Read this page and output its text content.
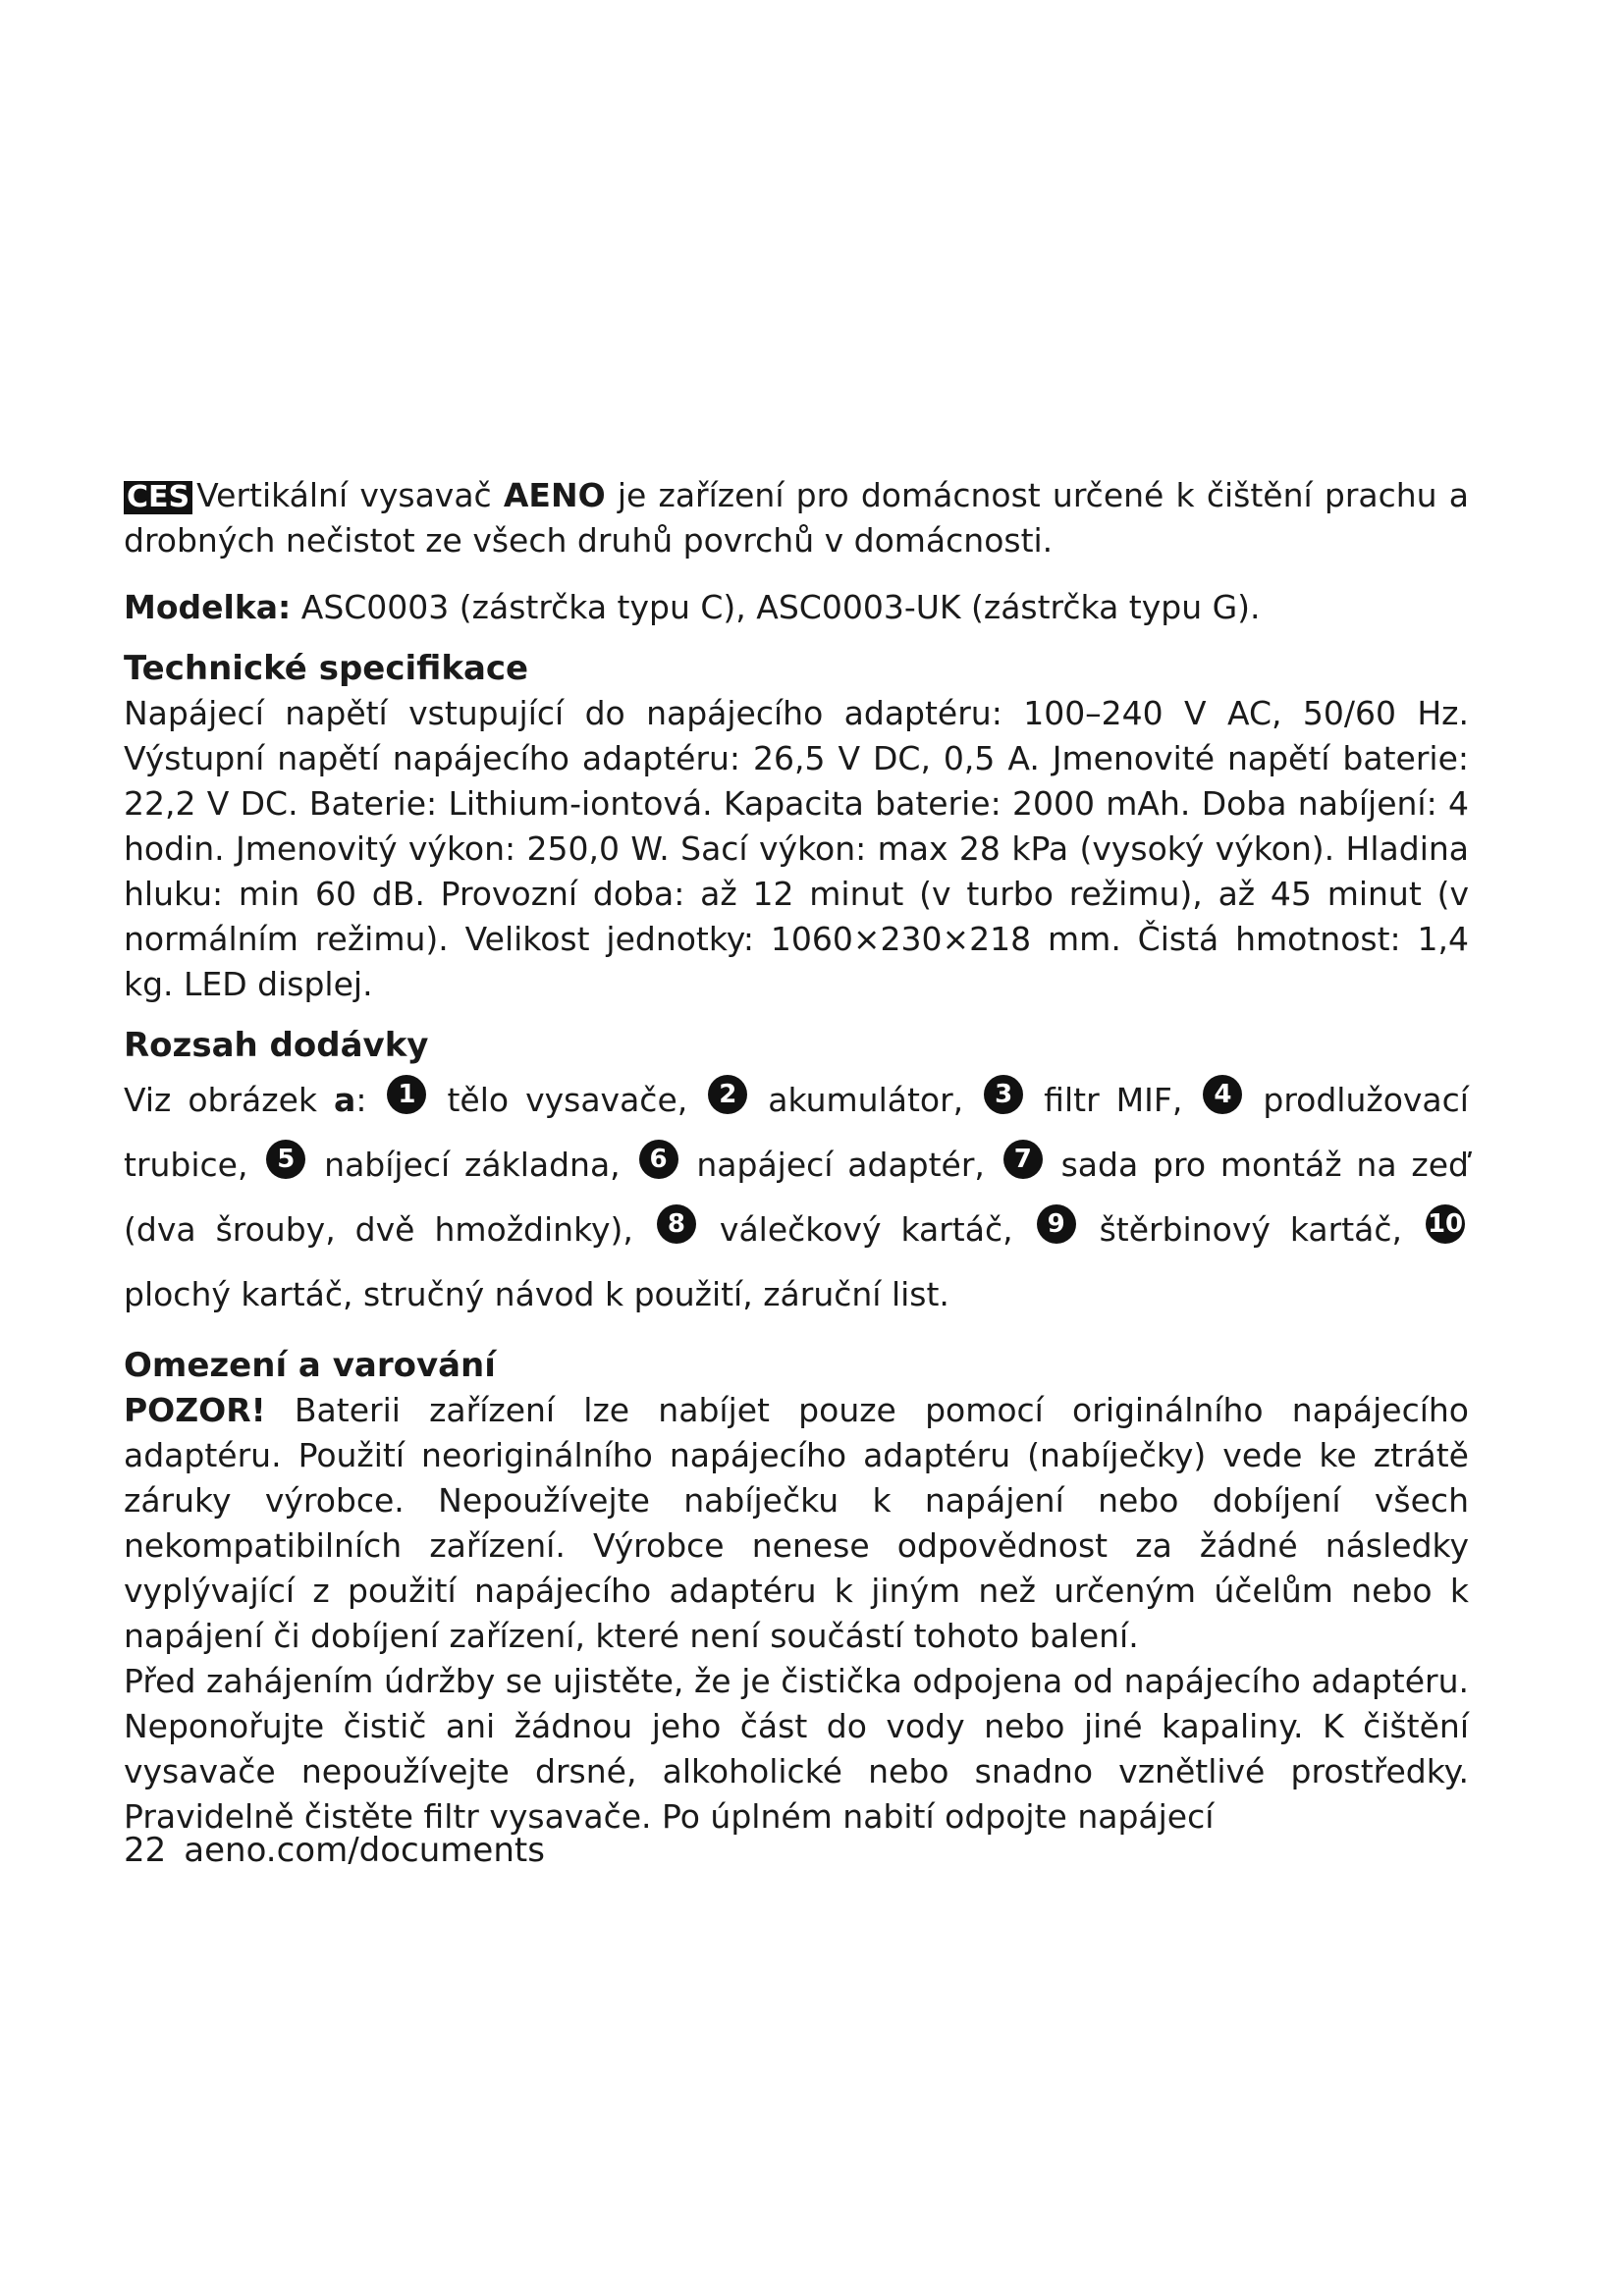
CES Vertikální vysavač AENO je zařízení pro domácnost určené k čištění prachu a drobných nečistot ze všech druhů povrchů v domácnosti.

Modelka: ASC0003 (zástrčka typu C), ASC0003-UK (zástrčka typu G).

Technické specifikace

Napájecí napětí vstupující do napájecího adaptéru: 100–240 V AC, 50/60 Hz. Výstupní napětí napájecího adaptéru: 26,5 V DC, 0,5 A. Jmenovité napětí baterie: 22,2 V DC. Baterie: Lithium-iontová. Kapacita baterie: 2000 mAh. Doba nabíjení: 4 hodin. Jmenovitý výkon: 250,0 W. Sací výkon: max 28 kPa (vysoký výkon). Hladina hluku: min 60 dB. Provozní doba: až 12 minut (v turbo režimu), až 45 minut (v normálním režimu). Velikost jednotky: 1060×230×218 mm. Čistá hmotnost: 1,4 kg. LED displej.

Rozsah dodávky

Viz obrázek a: 1 tělo vysavače, 2 akumulátor, 3 filtr MIF, 4 prodlužovací trubice, 5 nabíjecí základna, 6 napájecí adaptér, 7 sada pro montáž na zeď (dva šrouby, dvě hmoždinky), 8 válečkový kartáč, 9 štěrbinový kartáč, 10 plochý kartáč, stručný návod k použití, záruční list.

Omezení a varování

POZOR! Baterii zařízení lze nabíjet pouze pomocí originálního napájecího adaptéru. Použití neoriginálního napájecího adaptéru (nabíječky) vede ke ztrátě záruky výrobce. Nepoužívejte nabíječku k napájení nebo dobíjení všech nekompatibilních zařízení. Výrobce nenese odpovědnost za žádné následky vyplývající z použití napájecího adaptéru k jiným než určeným účelům nebo k napájení či dobíjení zařízení, které není součástí tohoto balení.

Před zahájením údržby se ujistěte, že je čistička odpojena od napájecího adaptéru. Neponořujte čistič ani žádnou jeho část do vody nebo jiné kapaliny. K čištění vysavače nepoužívejte drsné, alkoholické nebo snadno vznětlivé prostředky. Pravidelně čistěte filtr vysavače. Po úplném nabití odpojte napájecí

22 aeno.com/documents
